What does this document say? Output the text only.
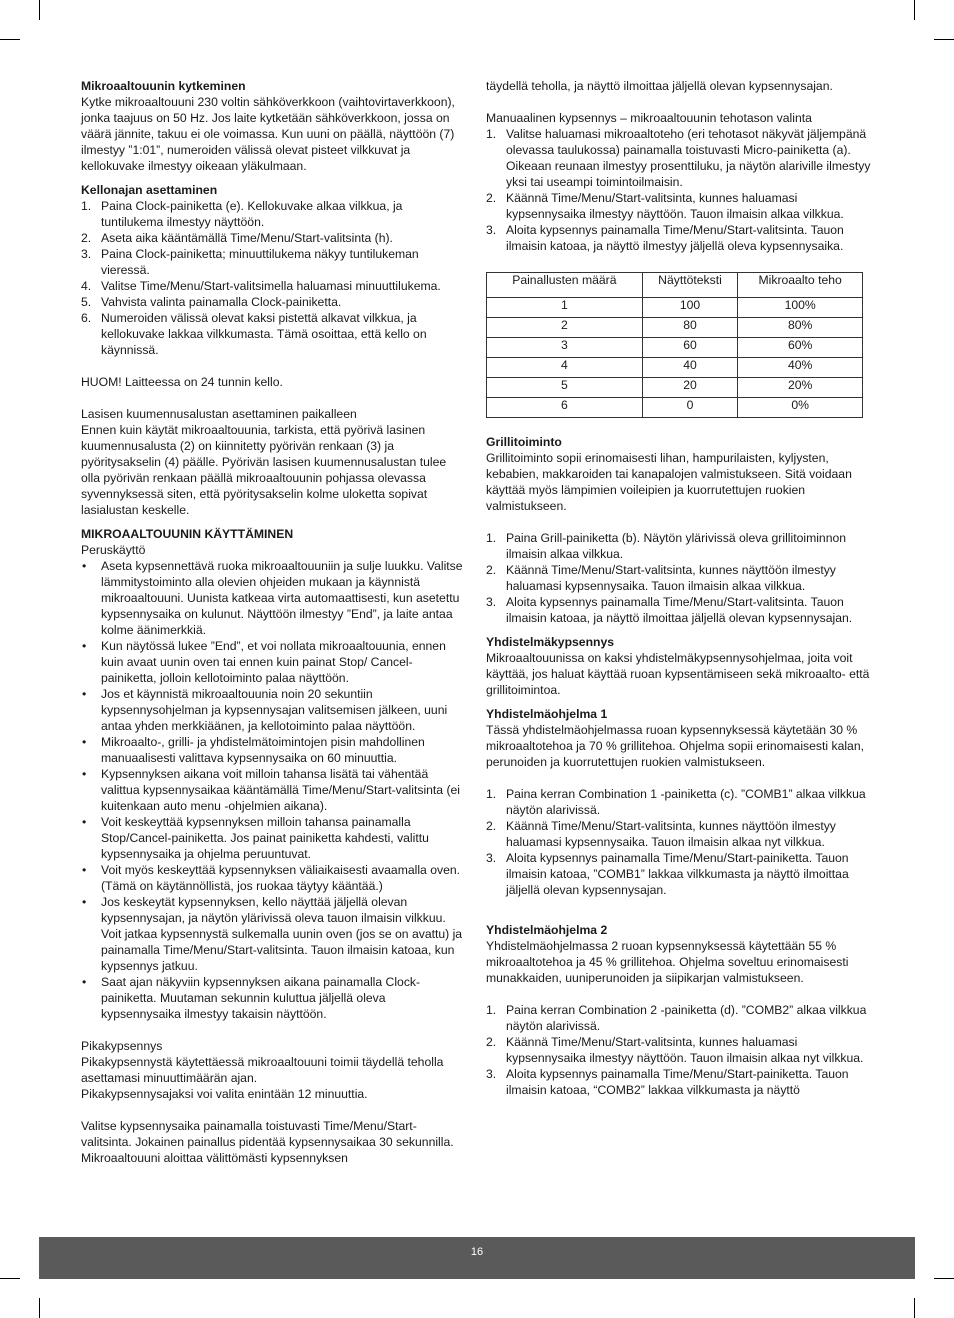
Mikroaaltouunin kytkeminen

Kytke mikroaaltouuni 230 voltin sähköverkkoon (vaihtovirtaverkkoon), jonka taajuus on 50 Hz. Jos laite kytketään sähköverkkoon, jossa on väärä jännite, takuu ei ole voimassa. Kun uuni on päällä, näyttöön (7) ilmestyy ”1:01”, numeroiden välissä olevat pisteet vilkkuvat ja kellokuvake ilmestyy oikeaan yläkulmaan.

Kellonajan asettaminen

1. Paina Clock-painiketta (e). Kellokuvake alkaa vilkkua, ja tuntilukema ilmestyy näyttöön.
2. Aseta aika kääntämällä Time/Menu/Start-valitsinta (h).
3. Paina Clock-painiketta; minuuttilukema näkyy tuntilukeman vieressä.
4. Valitse Time/Menu/Start-valitsimella haluamasi minuuttilukema.
5. Vahvista valinta painamalla Clock-painiketta.
6. Numeroiden välissä olevat kaksi pistettä alkavat vilkkua, ja kellokuvake lakkaa vilkkumasta. Tämä osoittaa, että kello on käynnissä.

HUOM! Laitteessa on 24 tunnin kello.

Lasisen kuumennusalustan asettaminen paikalleen

Ennen kuin käytät mikroaaltouunia, tarkista, että pyörivä lasinen kuumennusalusta (2) on kiinnitetty pyörivän renkaan (3) ja pyöritysakselin (4) päälle. Pyörivän lasisen kuumennusalustan tulee olla pyörivän renkaan päällä mikroaaltouunin pohjassa olevassa syvennyksessä siten, että pyöritysakselin kolme uloketta sopivat lasialustan keskelle.

MIKROAALTOUUNIN KÄYTTÄMINEN

Peruskäyttö

• Aseta kypsennettävä ruoka mikroaaltouuniin ja sulje luukku. Valitse lämmitystoiminto alla olevien ohjeiden mukaan ja käynnistä mikroaaltouuni. Uunista katkeaa virta automaattisesti, kun asetettu kypsennysaika on kulunut. Näyttöön ilmestyy ”End”, ja laite antaa kolme äänimerkkiä.
• Kun näytössä lukee ”End”, et voi nollata mikroaaltouunia, ennen kuin avaat uunin oven tai ennen kuin painat Stop/ Cancel-painiketta, jolloin kellotoiminto palaa näyttöön.
• Jos et käynnistä mikroaaltouunia noin 20 sekuntiin kypsennysohjelman ja kypsennysajan valitsemisen jälkeen, uuni antaa yhden merkkiäänen, ja kellotoiminto palaa näyttöön.
• Mikroaalto-, grilli- ja yhdistelmätoimintojen pisin mahdollinen manuaalisesti valittava kypsennysaika on 60 minuuttia.
• Kypsennyksen aikana voit milloin tahansa lisätä tai vähentää valittua kypsennysaikaa kääntämällä Time/Menu/Start-valitsinta (ei kuitenkaan auto menu -ohjelmien aikana).
• Voit keskeyttää kypsennyksen milloin tahansa painamalla Stop/Cancel-painiketta. Jos painat painiketta kahdesti, valittu kypsennysaika ja ohjelma peruuntuvat.
• Voit myös keskeyttää kypsennyksen väliaikaisesti avaamalla oven. (Tämä on käytännöllistä, jos ruokaa täytyy kääntää.)
• Jos keskeytät kypsennyksen, kello näyttää jäljellä olevan kypsennysajan, ja näytön ylärivissä oleva tauon ilmaisin vilkkuu. Voit jatkaa kypsennystä sulkemalla uunin oven (jos se on avattu) ja painamalla Time/Menu/Start-valitsinta. Tauon ilmaisin katoaa, kun kypsennys jatkuu.
• Saat ajan näkyviin kypsennyksen aikana painamalla Clock-painiketta. Muutaman sekunnin kuluttua jäljellä oleva kypsennysaika ilmestyy takaisin näyttöön.

Pikakypsennys

Pikakypsennystä käytettäessä mikroaaltouuni toimii täydellä teholla asettamasi minuuttimäärän ajan.

Pikakypsennysajaksi voi valita enintään 12 minuuttia.

Valitse kypsennysaika painamalla toistuvasti Time/Menu/Start-valitsinta. Jokainen painallus pidentää kypsennysaikaa 30 sekunnilla. Mikroaaltouuni aloittaa välittömästi kypsennyksen

täydellä teholla, ja näyttö ilmoittaa jäljellä olevan kypsennysajan.

Manuaalinen kypsennys – mikroaaltouunin tehotason valinta

1. Valitse haluamasi mikroaaltoteho (eri tehotasot näkyvät jäljempänä olevassa taulukossa) painamalla toistuvasti Micro-painiketta (a). Oikeaan reunaan ilmestyy prosenttiluku, ja näytön alariville ilmestyy yksi tai useampi toimintoilmaisin.
2. Käännä Time/Menu/Start-valitsinta, kunnes haluamasi kypsennysaika ilmestyy näyttöön. Tauon ilmaisin alkaa vilkkua.
3. Aloita kypsennys painamalla Time/Menu/Start-valitsinta. Tauon ilmaisin katoaa, ja näyttö ilmestyy jäljellä oleva kypsennysaika.
Painallusten määrä	Näyttöteksti	Mikroaalto teho
1	100	100%
2	80	80%
3	60	60%
4	40	40%
5	20	20%
6	0	0%

Grillitoiminto

Grillitoiminto sopii erinomaisesti lihan, hampurilaisten, kyljysten, kebabien, makkaroiden tai kanapalojen valmistukseen. Sitä voidaan käyttää myös lämpimien voileipien ja kuorrutettujen ruokien valmistukseen.

1. Paina Grill-painiketta (b). Näytön ylärivissä oleva grillitoiminnon ilmaisin alkaa vilkkua.
2. Käännä Time/Menu/Start-valitsinta, kunnes näyttöön ilmestyy haluamasi kypsennysaika. Tauon ilmaisin alkaa vilkkua.
3. Aloita kypsennys painamalla Time/Menu/Start-valitsinta. Tauon ilmaisin katoaa, ja näyttö ilmoittaa jäljellä olevan kypsennysajan.

Yhdistelmäkypsennys

Mikroaaltouunissa on kaksi yhdistelmäkypsennysohjelmaa, joita voit käyttää, jos haluat käyttää ruoan kypsentämiseen sekä mikroaalto- että grillitoimintoa.

Yhdistelmäohjelma 1

Tässä yhdistelmäohjelmassa ruoan kypsennyksessä käytetään 30 % mikroaaltotehoa ja 70 % grillitehoa. Ohjelma sopii erinomaisesti kalan, perunoiden ja kuorrutettujen ruokien valmistukseen.

1. Paina kerran Combination 1 -painiketta (c). ”COMB1” alkaa vilkkua näytön alarivissä.
2. Käännä Time/Menu/Start-valitsinta, kunnes näyttöön ilmestyy haluamasi kypsennysaika. Tauon ilmaisin alkaa nyt vilkkua.
3. Aloita kypsennys painamalla Time/Menu/Start-painiketta. Tauon ilmaisin katoaa, ”COMB1” lakkaa vilkkumasta ja näyttö ilmoittaa jäljellä olevan kypsennysajan.

Yhdistelmäohjelma 2

Yhdistelmäohjelmassa 2 ruoan kypsennyksessä käytettään 55 % mikroaaltotehoa ja 45 % grillitehoa. Ohjelma soveltuu erinomaisesti munakkaiden, uuniperunoiden ja siipikarjan valmistukseen.

1. Paina kerran Combination 2 -painiketta (d). ”COMB2” alkaa vilkkua näytön alarivissä.
2. Käännä Time/Menu/Start-valitsinta, kunnes haluamasi kypsennysaika ilmestyy näyttöön. Tauon ilmaisin alkaa nyt vilkkua.
3. Aloita kypsennys painamalla Time/Menu/Start-painiketta. Tauon ilmaisin katoaa, “COMB2” lakkaa vilkkumasta ja näyttö
16
